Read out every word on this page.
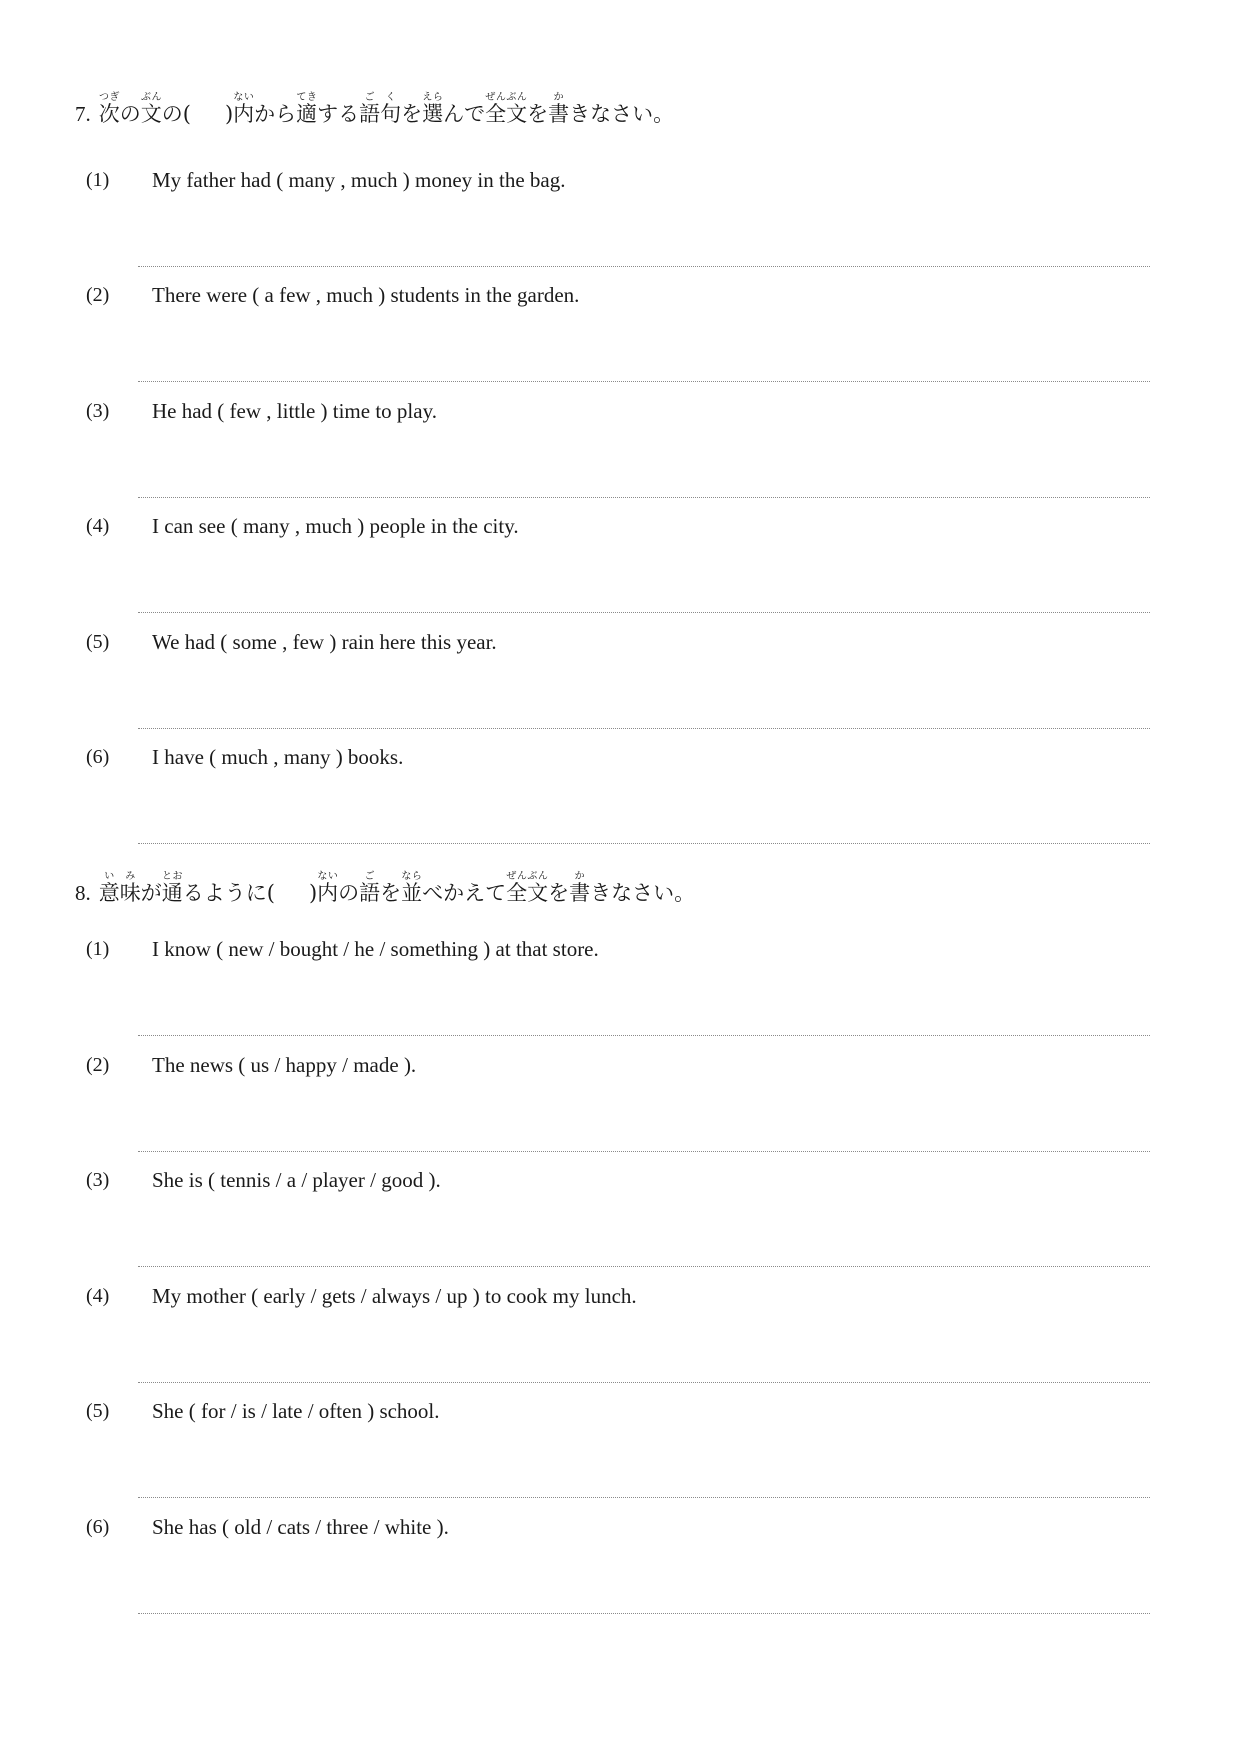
7. 次つぎの文ぶんの( )内ないから適てきする語ご句くを選えらんで全文ぜんぶんを書かきなさい。
(1) My father had ( many , much ) money in the bag.
(2) There were ( a few , much ) students in the garden.
(3) He had ( few , little ) time to play.
(4) I can see ( many , much ) people in the city.
(5) We had ( some , few ) rain here this year.
(6) I have ( much , many ) books.
8. 意味いみが通とおるように( )内ないの語ごを並ならべかえて全文ぜんぶんを書かきなさい。
(1) I know ( new / bought / he / something ) at that store.
(2) The news ( us / happy / made ).
(3) She is ( tennis / a / player / good ).
(4) My mother ( early / gets / always / up ) to cook my lunch.
(5) She ( for / is / late / often ) school.
(6) She has ( old / cats / three / white ).
